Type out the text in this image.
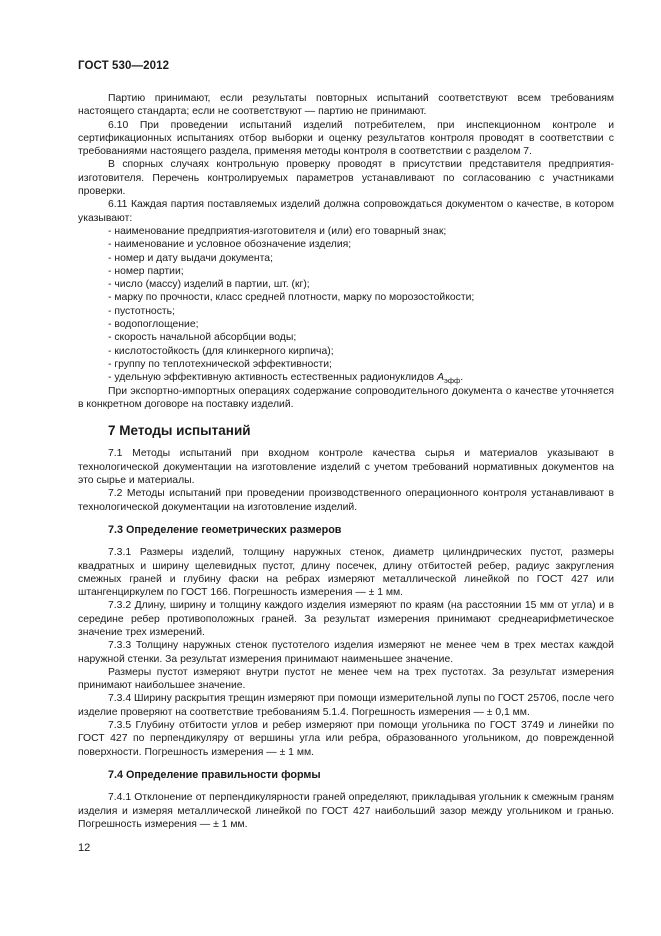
ГОСТ 530—2012

Партию принимают, если результаты повторных испытаний соответствуют всем требованиям настоящего стандарта; если не соответствуют — партию не принимают.

6.10 При проведении испытаний изделий потребителем, при инспекционном контроле и сертификационных испытаниях отбор выборки и оценку результатов контроля проводят в соответствии с требованиями настоящего раздела, применяя методы контроля в соответствии с разделом 7.

В спорных случаях контрольную проверку проводят в присутствии представителя предприятия-изготовителя. Перечень контролируемых параметров устанавливают по согласованию с участниками проверки.

6.11 Каждая партия поставляемых изделий должна сопровождаться документом о качестве, в котором указывают:

- наименование предприятия-изготовителя и (или) его товарный знак;

- наименование и условное обозначение изделия;

- номер и дату выдачи документа;

- номер партии;

- число (массу) изделий в партии, шт. (кг);

- марку по прочности, класс средней плотности, марку по морозостойкости;

- пустотность;

- водопоглощение;

- скорость начальной абсорбции воды;

- кислотостойкость (для клинкерного кирпича);

- группу по теплотехнической эффективности;

- удельную эффективную активность естественных радионуклидов $A_{эфф}$.

При экспортно-импортных операциях содержание сопроводительного документа о качестве уточняется в конкретном договоре на поставку изделий.

7 Методы испытаний

7.1 Методы испытаний при входном контроле качества сырья и материалов указывают в технологической документации на изготовление изделий с учетом требований нормативных документов на это сырье и материалы.

7.2 Методы испытаний при проведении производственного операционного контроля устанавливают в технологической документации на изготовление изделий.

7.3 Определение геометрических размеров

7.3.1 Размеры изделий, толщину наружных стенок, диаметр цилиндрических пустот, размеры квадратных и ширину щелевидных пустот, длину посечек, длину отбитостей ребер, радиус закругления смежных граней и глубину фаски на ребрах измеряют металлической линейкой по ГОСТ 427 или штангенциркулем по ГОСТ 166. Погрешность измерения — ± 1 мм.

7.3.2 Длину, ширину и толщину каждого изделия измеряют по краям (на расстоянии 15 мм от угла) и в середине ребер противоположных граней. За результат измерения принимают среднеарифметическое значение трех измерений.

7.3.3 Толщину наружных стенок пустотелого изделия измеряют не менее чем в трех местах каждой наружной стенки. За результат измерения принимают наименьшее значение.

Размеры пустот измеряют внутри пустот не менее чем на трех пустотах. За результат измерения принимают наибольшее значение.

7.3.4 Ширину раскрытия трещин измеряют при помощи измерительной лупы по ГОСТ 25706, после чего изделие проверяют на соответствие требованиям 5.1.4. Погрешность измерения — ± 0,1 мм.

7.3.5 Глубину отбитости углов и ребер измеряют при помощи угольника по ГОСТ 3749 и линейки по ГОСТ 427 по перпендикуляру от вершины угла или ребра, образованного угольником, до поврежденной поверхности. Погрешность измерения — ± 1 мм.

7.4 Определение правильности формы

7.4.1 Отклонение от перпендикулярности граней определяют, прикладывая угольник к смежным граням изделия и измеряя металлической линейкой по ГОСТ 427 наибольший зазор между угольником и гранью. Погрешность измерения — ± 1 мм.

12
